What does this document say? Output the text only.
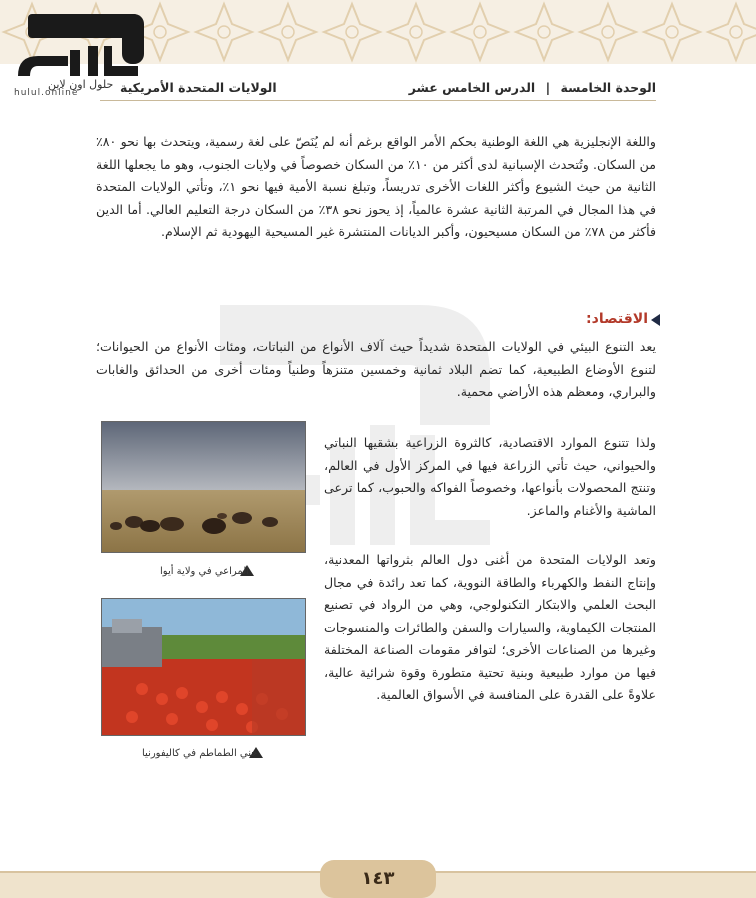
حلول اون لاين
hulul.online	الوحدة الخامسة | الدرس الخامس عشر
الولايات المتحدة الأمريكية
واللغة الإنجليزية هي اللغة الوطنية بحكم الأمر الواقع برغم أنه لم يُنَصّ على لغة رسمية، ويتحدث بها نحو ٨٠٪ من السكان. وتُتحدث الإسبانية لدى أكثر من ١٠٪ من السكان خصوصاً في ولايات الجنوب، وهو ما يجعلها اللغة الثانية من حيث الشيوع وأكثر اللغات الأخرى تدريساً، وتبلغ نسبة الأمية فيها نحو ١٪، وتأتي الولايات المتحدة في هذا المجال في المرتبة الثانية عشرة عالمياً، إذ يحوز نحو ٣٨٪ من السكان درجة التعليم العالي. أما الدين فأكثر من ٧٨٪ من السكان مسيحيون، وأكبر الديانات المنتشرة غير المسيحية اليهودية ثم الإسلام.
الاقتصاد:
يعد التنوع البيئي في الولايات المتحدة شديداً حيث آلاف الأنواع من النباتات، ومئات الأنواع من الحيوانات؛ لتنوع الأوضاع الطبيعية، كما تضم البلاد ثمانية وخمسين متنزهاً وطنياً ومئات أخرى من الحدائق والغابات والبراري، ومعظم هذه الأراضي محمية.
المراعي في ولاية أيوا
ولذا تتنوع الموارد الاقتصادية، كالثروة الزراعية بشقيها النباتي والحيواني، حيث تأتي الزراعة فيها في المركز الأول في العالم، وتنتج المحصولات بأنواعها، وخصوصاً الفواكه والحبوب، كما ترعى الماشية والأغنام والماعز.
وتعد الولايات المتحدة من أغنى دول العالم بثرواتها المعدنية، وإنتاج النفط والكهرباء والطاقة النووية، كما تعد رائدة في مجال البحث العلمي والابتكار التكنولوجي، وهي من الرواد في تصنيع المنتجات الكيماوية، والسيارات والسفن والطائرات والمنسوجات وغيرها من الصناعات الأخرى؛ لتوافر مقومات الصناعة المختلفة فيها من موارد طبيعية وبنية تحتية متطورة وقوة شرائية عالية، علاوةً على القدرة على المنافسة في الأسواق العالمية.
جني الطماطم في كاليفورنيا
١٤٣
